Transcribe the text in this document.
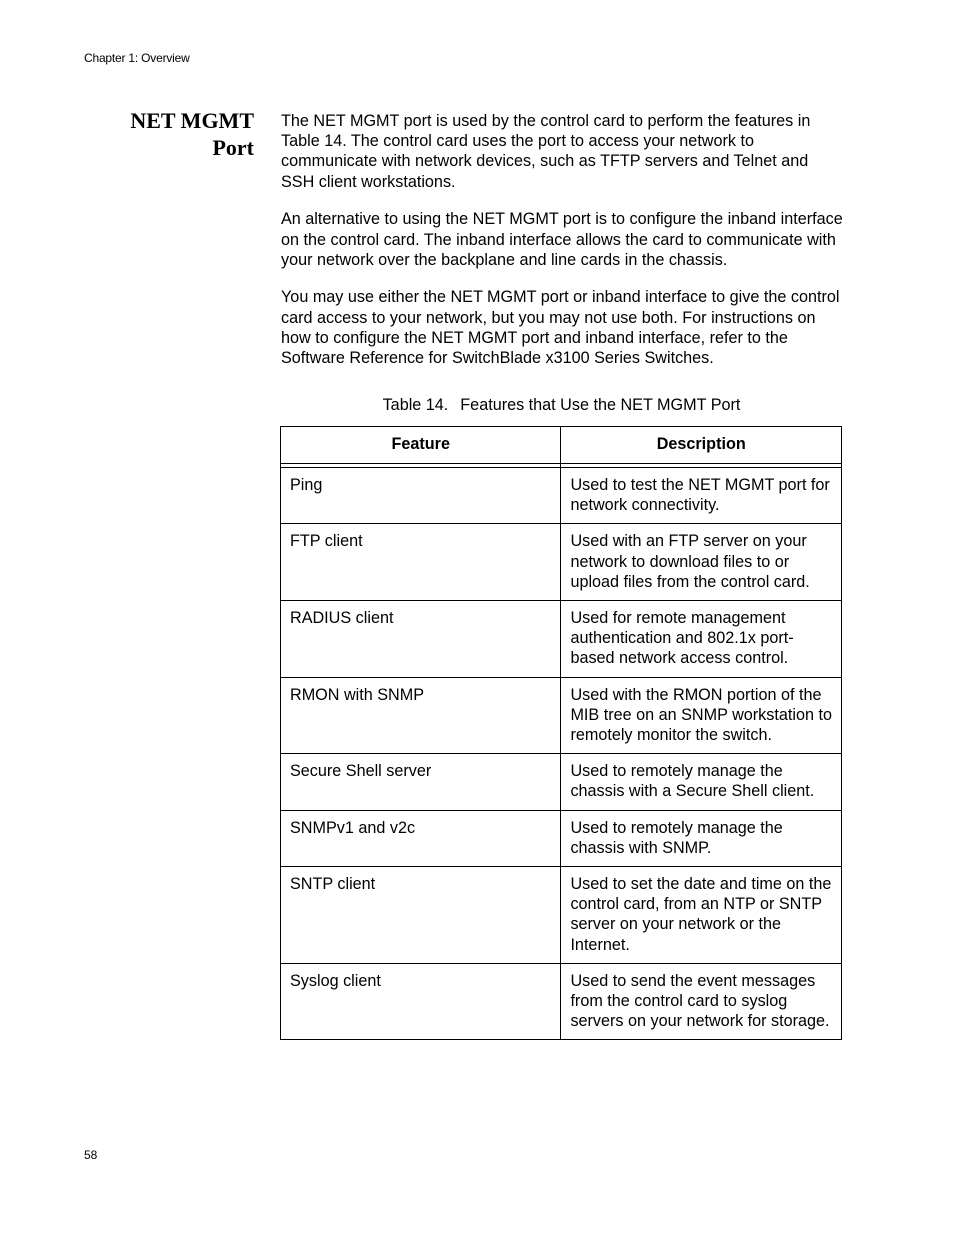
Chapter 1: Overview
NET MGMT
Port

The NET MGMT port is used by the control card to perform the features in Table 14. The control card uses the port to access your network to communicate with network devices, such as TFTP servers and Telnet and SSH client workstations.

An alternative to using the NET MGMT port is to configure the inband interface on the control card. The inband interface allows the card to communicate with your network over the backplane and line cards in the chassis.

You may use either the NET MGMT port or inband interface to give the control card access to your network, but you may not use both. For instructions on how to configure the NET MGMT port and inband interface, refer to the Software Reference for SwitchBlade x3100 Series Switches.

Table 14. Features that Use the NET MGMT Port
Feature	Description

Ping	Used to test the NET MGMT port for network connectivity.
FTP client	Used with an FTP server on your network to download files to or upload files from the control card.
RADIUS client	Used for remote management authentication and 802.1x port-based network access control.
RMON with SNMP	Used with the RMON portion of the MIB tree on an SNMP workstation to remotely monitor the switch.
Secure Shell server	Used to remotely manage the chassis with a Secure Shell client.
SNMPv1 and v2c	Used to remotely manage the chassis with SNMP.
SNTP client	Used to set the date and time on the control card, from an NTP or SNTP server on your network or the Internet.
Syslog client	Used to send the event messages from the control card to syslog servers on your network for storage.
58
